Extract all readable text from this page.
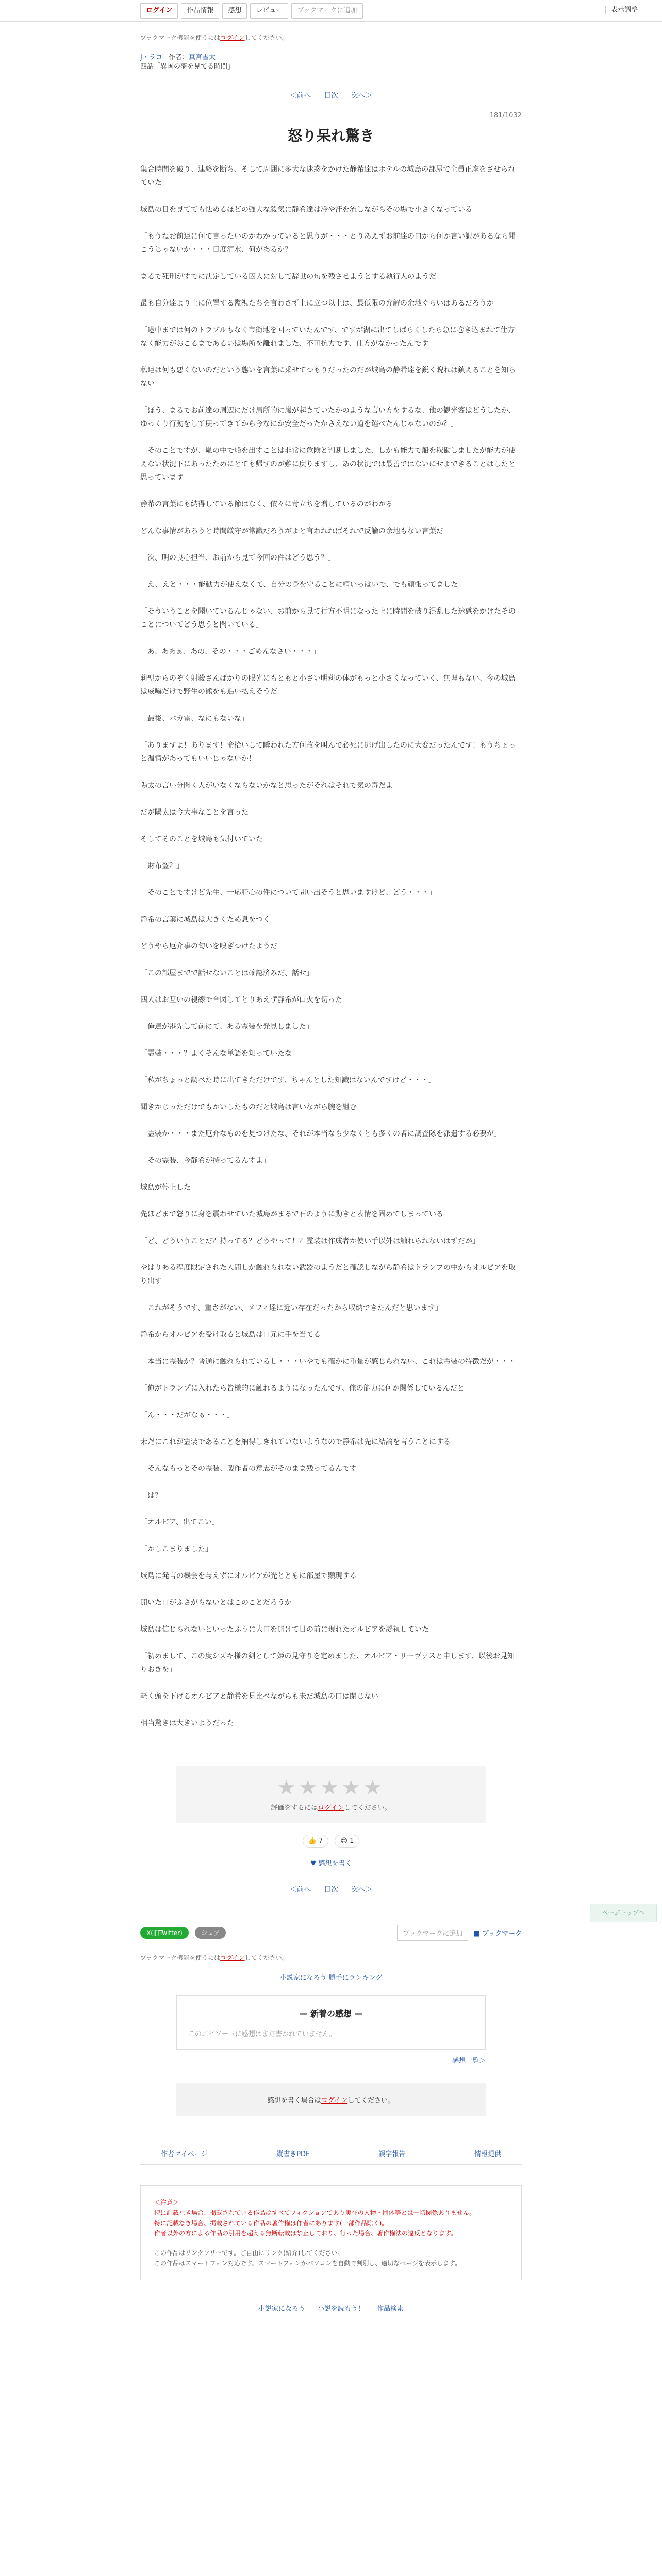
ログイン	作品情報	感想	レビュー	ブックマークに追加	表示調整
ブックマーク機能を使うにはログインしてください。
J・ラコ 作者：真宮雪太
四話「異国の夢を見てる時間」
＜前へ 目次 次へ＞
181/1032
怒り呆れ驚き

集合時間を破り、連絡を断ち、そして周囲に多大な迷惑をかけた静希達はホテルの城島の部屋で全員正座をさせられていた

城島の目を見てても怯めるほどの強大な殺気に静希達は冷や汗を流しながらその場で小さくなっている

「もうねお前達に何て言ったいのかわかっていると思うが・・・とりあえずお前達の口から何か言い訳があるなら聞こうじゃないか・・・目度清水、何があるか？」

まるで死刑がすでに決定している囚人に対して辞世の句を残させようとする執行人のようだ

最も自分達より上に位置する監視たちを言わさず上に立つ以上は、最低限の弁解の余地ぐらいはあるだろうか

「途中までは何のトラブルもなく市街地を回っていたんです、ですが湖に出てしばらくしたら急に巻き込まれて仕方なく能力がおこるまであるいは場所を離れました、不可抗力です、仕方がなかったんです」

私達は何も悪くないのだという態いを言葉に乗せてつもりだったのだが城島の静希達を鋭く睨れは鎮えることを知らない

「ほう、まるでお前達の周辺にだけ局所的に嵐が起きていたかのような言い方をするな、他の観光客はどうしたか、ゆっくり行動をして戻ってきてから今なにか安全だったかさえない道を選べたんじゃないのか？」

「そのことですが、嵐の中で船を出すことは非常に危険と判断しました、しかも能力で船を稼働しましたが能力が使えない状況下にあったためにとても帰すのが難に戻りますし、あの状況では最善ではないにせよできることはしたと思っています」

静希の言葉にも納得している節はなく、依々に苛立ちを増しているのがわかる

どんな事情があろうと時間厳守が常識だろうがよと言われればそれで反論の余地もない言葉だ

「次、明の良心担当、お前から見て今回の件はどう思う？」

「え、えと・・・能動力が使えなくて、自分の身を守ることに精いっぱいで、でも頑張ってました」

「そういうことを聞いているんじゃない、お前から見て行方不明になった上に時間を破り混乱した迷惑をかけたそのことについてどう思うと聞いている」

「あ、ああぁ、あの、その・・・ごめんなさい・・・」

莉聖からのぞく射殺さんばかりの眼光にもともと小さい明莉の体がもっと小さくなっていく、無理もない、今の城島は威嚇だけで野生の熊をも追い払えそうだ

「最後、バカ雷、なにもないな」

「ありますよ！あります！命拾いして瞬われた方何故を叫んで必死に逃げ出したのに大変だったんです！もうちょっと温情があってもいいじゃないか！」

陽太の言い分聞く人がいなくならないかなと思ったがそれはそれで気の毒だよ

だが陽太は今大事なことを言った

そしてそのことを城島も気付いていた

「財布盗？」

「そのことですけど先生、一応肝心の件について問い出そうと思いますけど、どう・・・」

静希の言葉に城島は大きくため息をつく

どうやら厄介事の匂いを嗅ぎつけたようだ

「この部屋までで話せないことは確認済みだ、話せ」

四人はお互いの視線で合図してとりあえず静希が口火を切った

「俺達が港先して前にて、ある霊装を発見しました」

「霊装・・・？よくそんな単語を知っていたな」

「私がちょっと調べた時に出てきただけです、ちゃんとした知識はないんですけど・・・」

聞きかじっただけでもかいしたものだと城島は言いながら腕を組む

「霊装か・・・また厄介なものを見つけたな、それが本当なら少なくとも多くの者に調査隊を派遣する必要が」

「その霊装、今静希が持ってるんすよ」

城島が停止した

先ほどまで怒りに身を震わせていた城島がまるで石のように動きと表情を固めてしまっている

「ど、どういうことだ？持ってる？どうやって！？霊装は作成者か使い手以外は触れられないはずだが」

やはりある程度限定された人間しか触れられない武器のようだと確認しながら静希はトランプの中からオルビアを取り出す

「これがそうです、重さがない、メフィ達に近い存在だったから収納できたんだと思います」

静希からオルビアを受け取ると城島は口元に手を当てる

「本当に霊装か？普通に触れられているし・・・いやでも確かに重量が感じられない、これは霊装の特徴だが・・・」

「俺がトランプに入れたら皆様的に触れるようになったんです、俺の能力に何か関係しているんだと」

「ん・・・だがなぁ・・・」

未だにこれが霊装であることを納得しきれていないようなので静希は先に結論を言うことにする

「そんなもっとその霊装、製作者の意志がそのまま残ってるんです」

「は？」

「オルビア、出てこい」

「かしこまりました」

城島に発言の機会を与えずにオルビアが光とともに部屋で顕現する

開いた口がふさがらないとはこのことだろうか

城島は信じられないといったふうに大口を開けて目の前に現れたオルビアを凝視していた

「初めまして、この度シズキ様の剣として姫の見守りを定めました、オルビア・リーヴァスと申します、以後お見知りおきを」

軽く頭を下げるオルビアと静希を見比べながらも未だ城島の口は閉じない

相当驚きは大きいようだった

★★★★★
評価をするにはログインしてください。
👍 7	😊 1
♥ 感想を書く
＜前へ 目次 次へ＞
X(旧Twitter)	シェア	ブックマークに追加	■ ブックマーク
ブックマーク機能を使うにはログインしてください。
小説家になろう 勝手にランキング
— 新着の感想 —
このエピソードに感想はまだ書かれていません。
感想一覧＞
感想を書く場合はログインしてください。
作者マイページ	縦書きPDF	誤字報告	情報提供
＜注意＞
特に記載なき場合、掲載されている作品はすべてフィクションであり実在の人物・団体等とは一切関係ありません。
特に記載なき場合、掲載されている作品の著作権は作者にあります(一部作品除く)。
作者以外の方による作品の引用を超える無断転載は禁止しており、行った場合、著作権法の違反となります。
この作品はリンクフリーです。ご自由にリンク(紹介)してください。
この作品はスマートフォン対応です。スマートフォンかパソコンを自動で判別し、適切なページを表示します。
小説家になろう 小説を読もう！ 作品検索
ページトップへ
